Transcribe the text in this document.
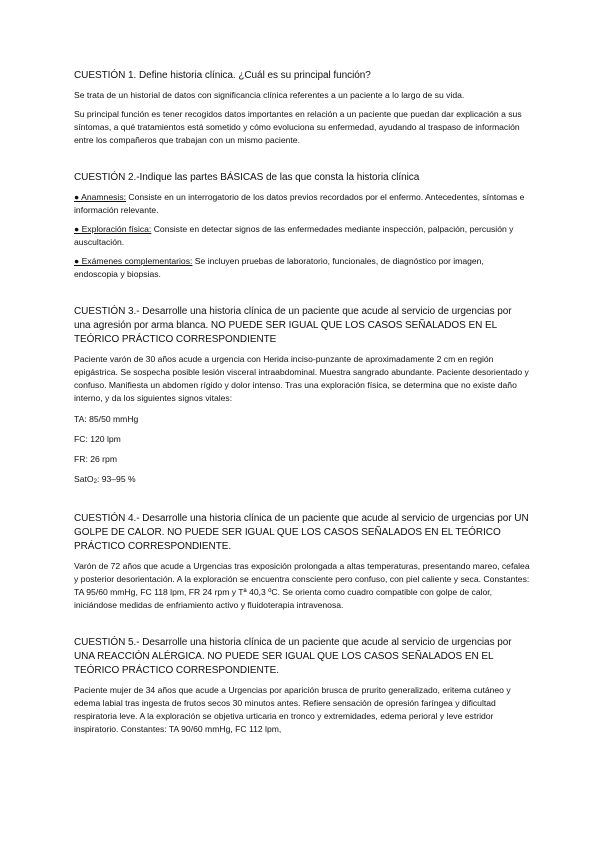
CUESTIÓN 1. Define historia clínica. ¿Cuál es su principal función?
Se trata de un historial de datos con significancia clínica referentes a un paciente a lo largo de su vida.
Su principal función es tener recogidos datos importantes en relación a un paciente que puedan dar explicación a sus síntomas, a qué tratamientos está sometido y cómo evoluciona su enfermedad, ayudando al traspaso de información entre los compañeros que trabajan con un mismo paciente.
CUESTIÓN 2.-Indique las partes BÁSICAS de las que consta la historia clínica
● Anamnesis: Consiste en un interrogatorio de los datos previos recordados por el enfermo. Antecedentes, síntomas e información relevante.
● Exploración física: Consiste en detectar signos de las enfermedades mediante inspección, palpación, percusión y auscultación.
● Exámenes complementarios: Se incluyen pruebas de laboratorio, funcionales, de diagnóstico por imagen, endoscopia y biopsias.
CUESTIÓN 3.- Desarrolle una historia clínica de un paciente que acude al servicio de urgencias por una agresión por arma blanca. NO PUEDE SER IGUAL QUE LOS CASOS SEÑALADOS EN EL TEÓRICO PRÁCTICO CORRESPONDIENTE
Paciente varón de 30 años acude a urgencia con Herida inciso-punzante de aproximadamente 2 cm en región epigástrica. Se sospecha posible lesión visceral intraabdominal. Muestra sangrado abundante. Paciente desorientado y confuso. Manifiesta un abdomen rígido y dolor intenso. Tras una exploración física, se determina que no existe daño interno, y da los siguientes signos vitales:
TA: 85/50 mmHg
FC: 120 lpm
FR: 26 rpm
SatO2: 93–95 %
CUESTIÓN 4.- Desarrolle una historia clínica de un paciente que acude al servicio de urgencias por UN GOLPE DE CALOR. NO PUEDE SER IGUAL QUE LOS CASOS SEÑALADOS EN EL TEÓRICO PRÁCTICO CORRESPONDIENTE.
Varón de 72 años que acude a Urgencias tras exposición prolongada a altas temperaturas, presentando mareo, cefalea y posterior desorientación. A la exploración se encuentra consciente pero confuso, con piel caliente y seca. Constantes: TA 95/60 mmHg, FC 118 lpm, FR 24 rpm y Tª 40,3 ºC. Se orienta como cuadro compatible con golpe de calor, iniciándose medidas de enfriamiento activo y fluidoterapia intravenosa.
CUESTIÓN 5.- Desarrolle una historia clínica de un paciente que acude al servicio de urgencias por UNA REACCIÓN ALÉRGICA. NO PUEDE SER IGUAL QUE LOS CASOS SEÑALADOS EN EL TEÓRICO PRÁCTICO CORRESPONDIENTE.
Paciente mujer de 34 años que acude a Urgencias por aparición brusca de prurito generalizado, eritema cutáneo y edema labial tras ingesta de frutos secos 30 minutos antes. Refiere sensación de opresión faríngea y dificultad respiratoria leve. A la exploración se objetiva urticaria en tronco y extremidades, edema perioral y leve estridor inspiratorio. Constantes: TA 90/60 mmHg, FC 112 lpm,
